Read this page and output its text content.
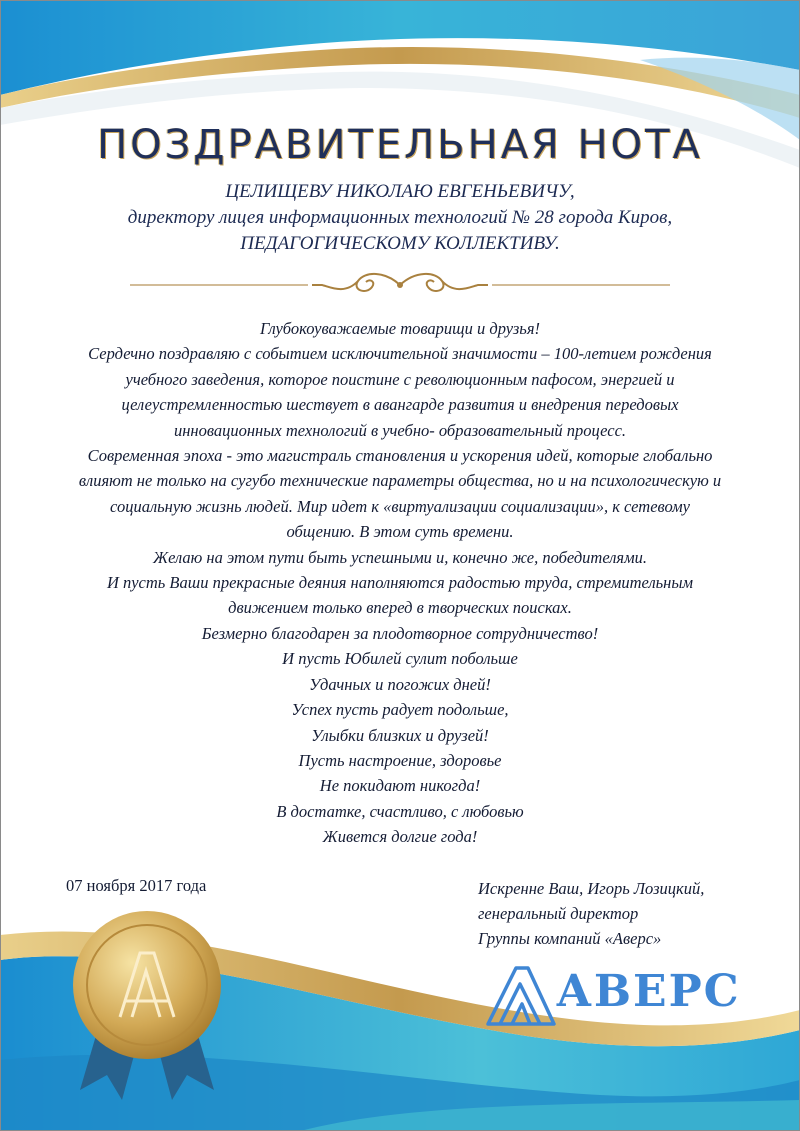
ПОЗДРАВИТЕЛЬНАЯ НОТА
ЦЕЛИЩЕВУ НИКОЛАЮ ЕВГЕНЬЕВИЧУ,
директору лицея информационных технологий № 28 города Киров,
ПЕДАГОГИЧЕСКОМУ КОЛЛЕКТИВУ.

Глубокоуважаемые товарищи и друзья!

Сердечно поздравляю с событием исключительной значимости – 100-летием рождения

учебного заведения, которое поистине с революционным пафосом, энергией и

целеустремленностью шествует в авангарде развития и внедрения передовых

инновационных технологий в учебно- образовательный процесс.

Современная эпоха - это магистраль становления и ускорения идей, которые глобально

влияют не только на сугубо технические параметры общества, но и на психологическую и

социальную жизнь людей. Мир идет к «виртуализации социализации», к сетевому

общению. В этом суть времени.

Желаю на этом пути быть успешными и, конечно же, победителями.

И пусть Ваши прекрасные деяния наполняются радостью труда, стремительным

движением только вперед в творческих поисках.

Безмерно благодарен за плодотворное сотрудничество!

И пусть Юбилей сулит побольше

Удачных и погожих дней!

Успех пусть радует подольше,

Улыбки близких и друзей!

Пусть настроение, здоровье

Не покидают никогда!

В достатке, счастливо, с любовью

Живется долгие года!

07 ноября 2017 года	Искренне Ваш, Игорь Лозицкий,
генеральный директор
Группы компаний «Аверс»
АВЕРС
